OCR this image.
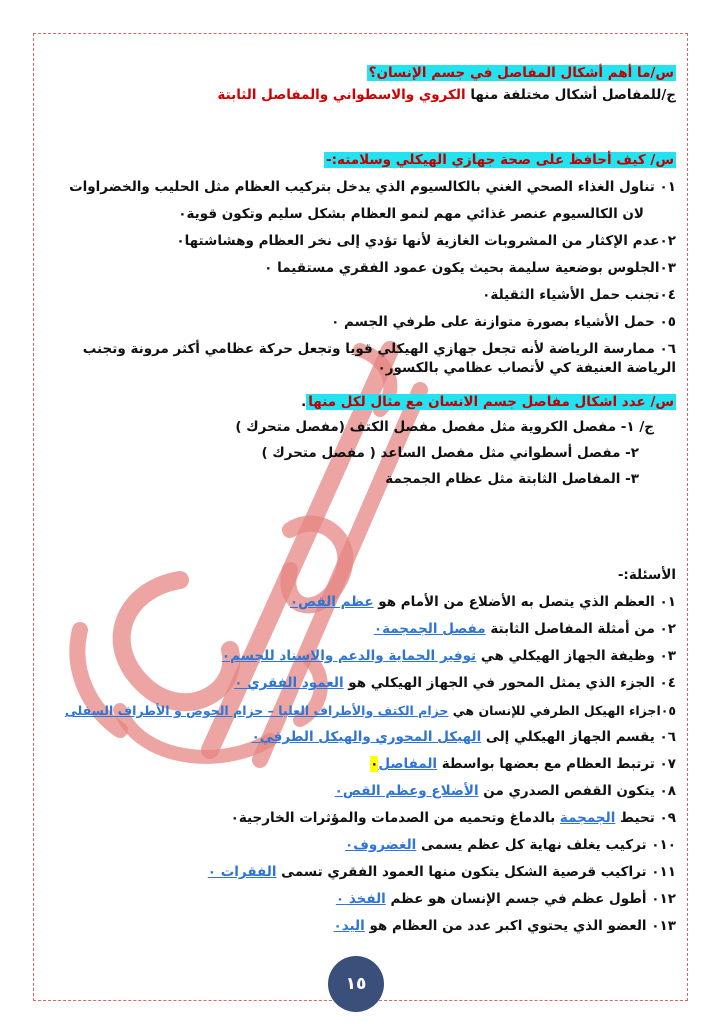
س/ما أهم أشكال المفاصل في جسم الإنسان؟
ج/للمفاصل أشكال مختلفة منها الكروي والاسطواني والمفاصل الثابتة
س/ كيف أحافظ على صحة جهازي الهيكلي وسلامته:-
٠١ تناول الغذاء الصحي الغني بالكالسيوم الذي يدخل بتركيب العظام مثل الحليب والخضراوات
لان الكالسيوم عنصر غذائي مهم لنمو العظام بشكل سليم وتكون قوية٠
٠٢عدم الإكثار من المشروبات الغازية لأنها تؤدي إلى نخر العظام وهشاشتها٠
٠٣الجلوس بوضعية سليمة بحيث يكون عمود الفقري مستقيما ٠
٠٤تجنب حمل الأشياء الثقيلة٠
٠٥ حمل الأشياء بصورة متوازنة على طرفي الجسم ٠
٠٦ ممارسة الرياضة لأنه تجعل جهازي الهيكلي قويا وتجعل حركة عظامي أكثر مرونة وتجنب الرياضة العنيفة كي لأتصاب عظامي بالكسور٠
س/ عدد اشكال مفاصل جسم الانسان مع مثال لكل منها.
ج/ ١- مفصل الكروية مثل مفصل مفصل الكتف (مفصل متحرك )
٢- مفصل أسطواني مثل مفصل الساعد ( مفصل متحرك )
٣- المفاصل الثابتة مثل عظام الجمجمة
الأسئلة:-
٠١ العظم الذي يتصل به الأضلاع من الأمام هو عظم القص٠
٠٢ من أمثلة المفاصل الثابتة مفصل الجمجمة٠
٠٣ وظيفة الجهاز الهيكلي هي توفير الحماية والدعم والاسناد للجسم٠
٠٤ الجزء الذي يمثل المحور في الجهاز الهيكلي هو العمود الفقري ٠
٠٥اجزاء الهيكل الطرفي للإنسان هي حزام الكتف والأطراف العليا – حزام الحوض و الأطراف السفلى
٠٦ يقسم الجهاز الهيكلي إلى الهيكل المحوري والهيكل الطرفي٠
٠٧ ترتبط العظام مع بعضها بواسطة المفاصل٠
٠٨ يتكون القفص الصدري من الأضلاع وعظم القص٠
٠٩ تحيط الجمجمة بالدماغ وتحميه من الصدمات والمؤثرات الخارجية٠
٠١٠ تركيب يغلف نهاية كل عظم يسمى الغضروف٠
٠١١ تراكيب قرصية الشكل يتكون منها العمود الفقري تسمى الفقرات ٠
٠١٢ أطول عظم في جسم الإنسان هو عظم الفخذ ٠
٠١٣ العضو الذي يحتوي اكبر عدد من العظام هو اليد٠
١٥
